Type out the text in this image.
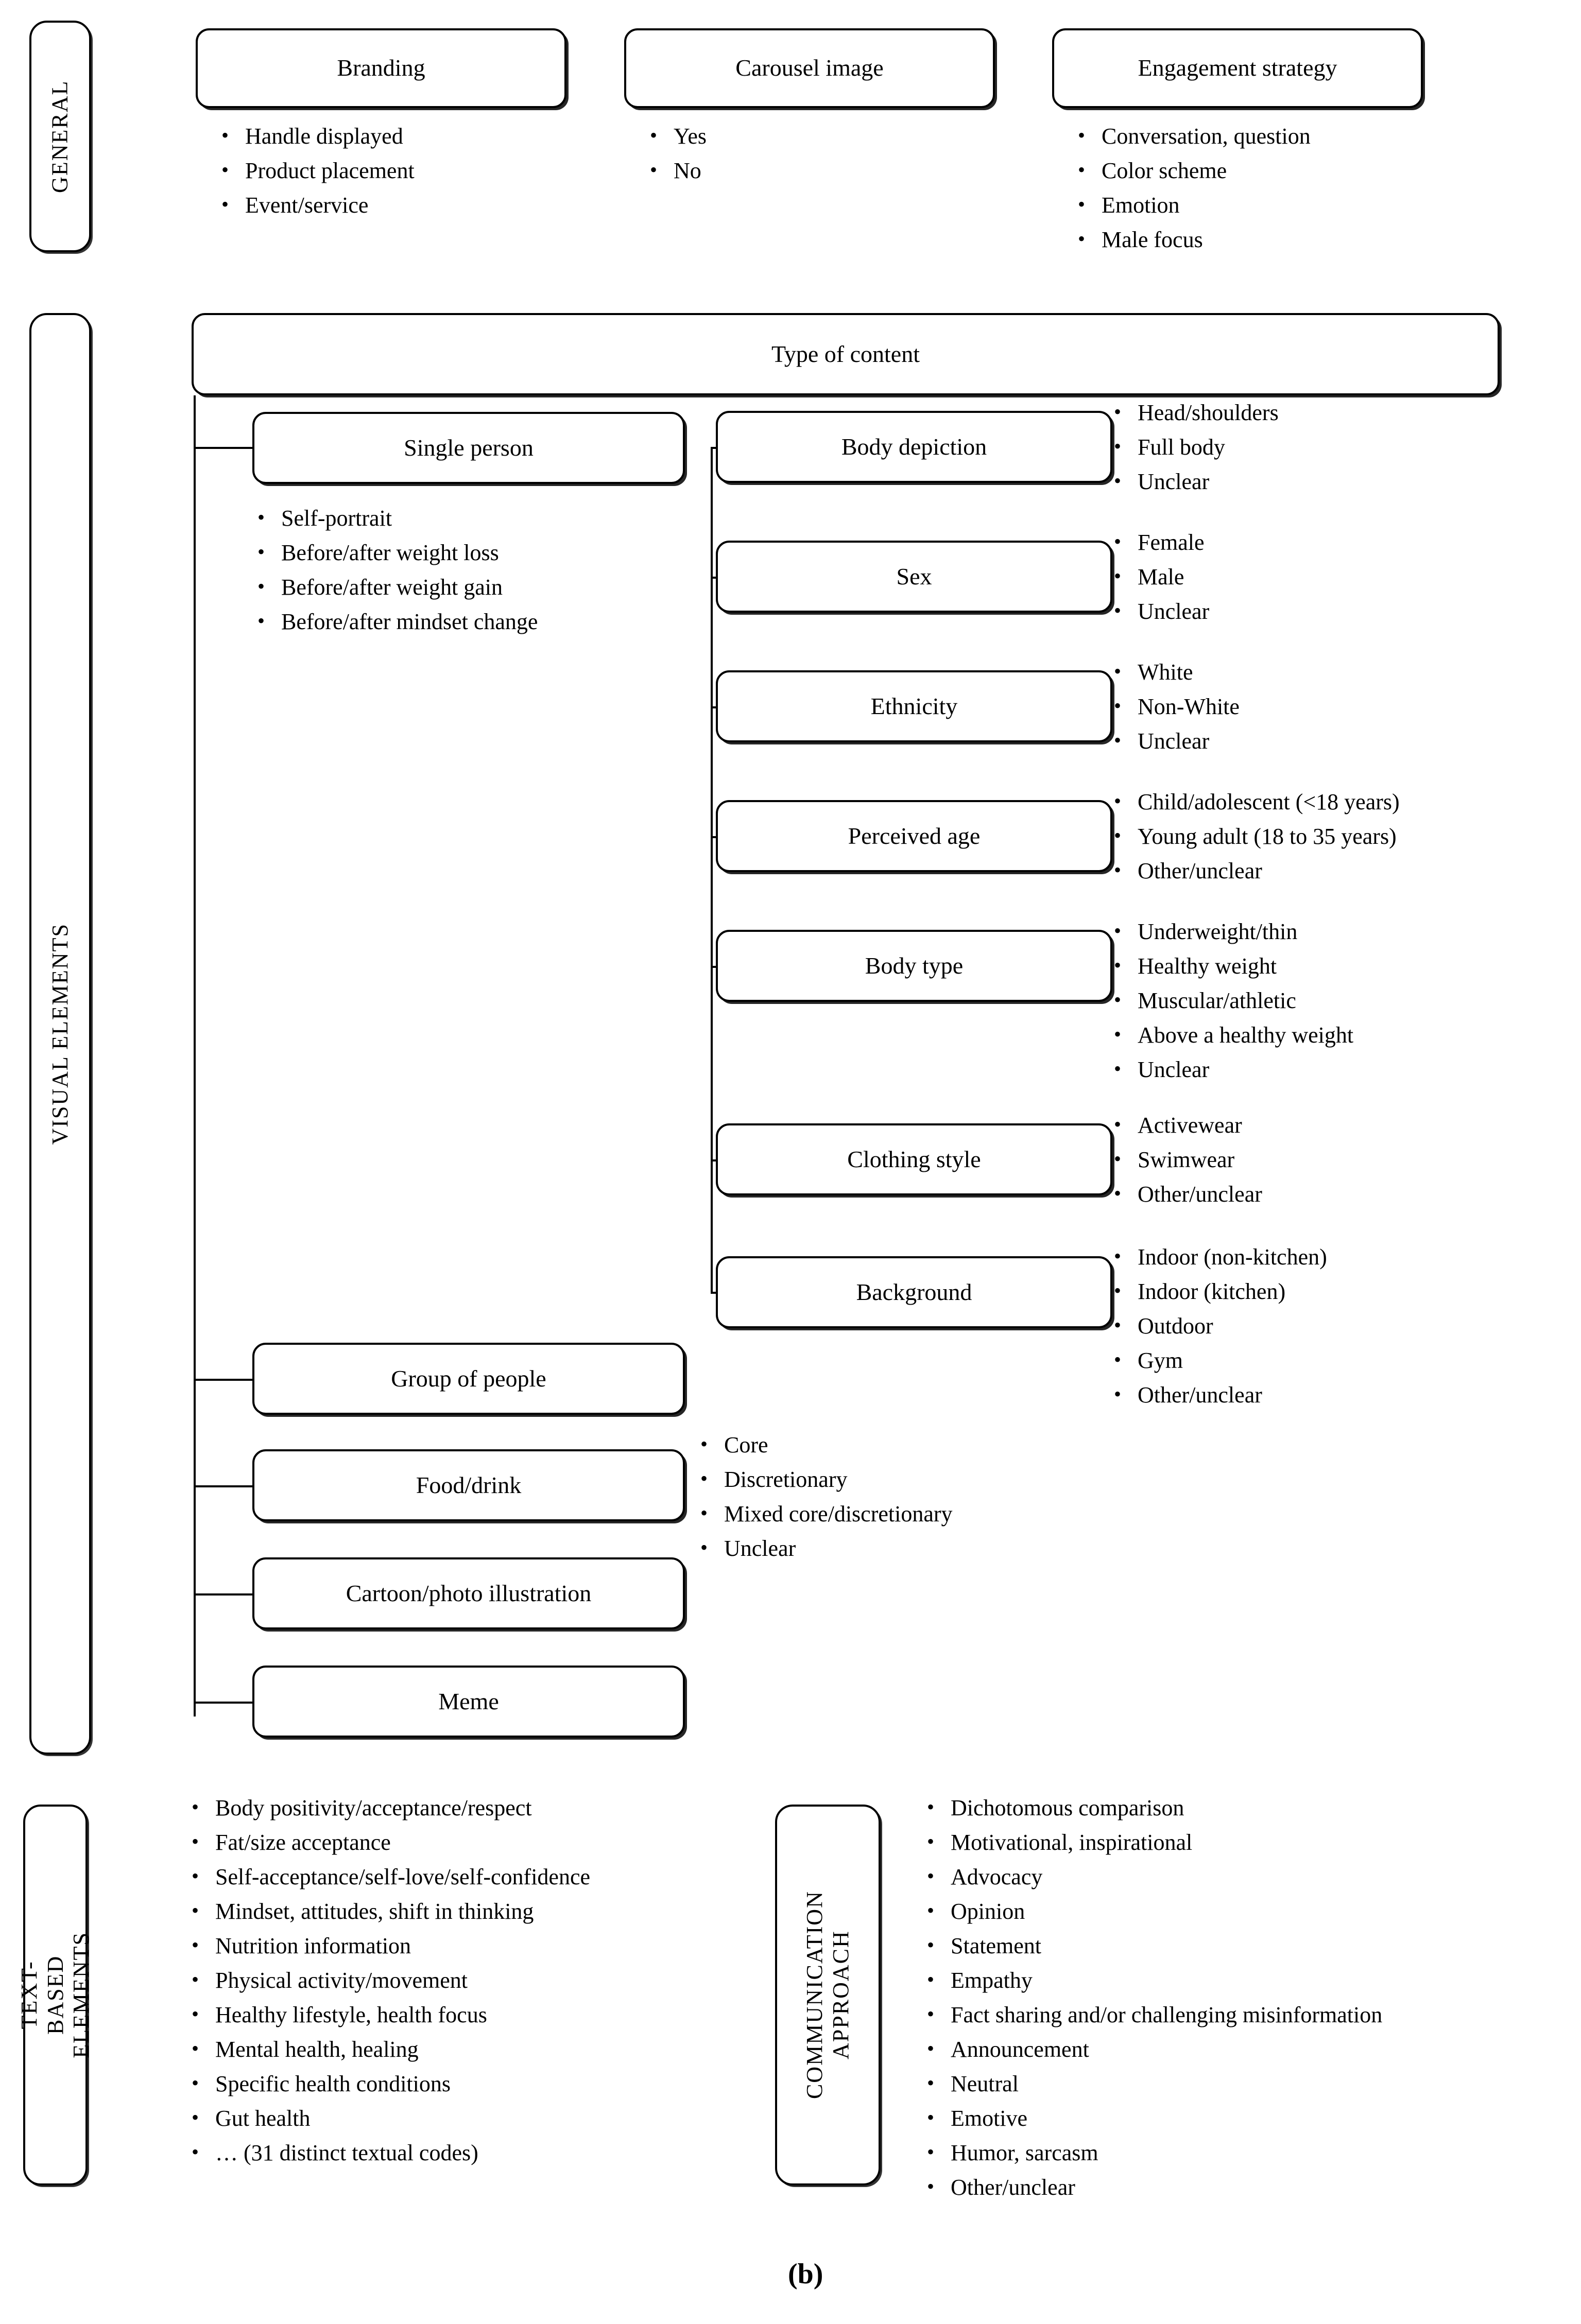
GENERAL
Branding
• Handle displayed
• Product placement
• Event/service
Carousel image
• Yes
• No
Engagement strategy
• Conversation, question
• Color scheme
• Emotion
• Male focus
VISUAL ELEMENTS
Type of content
Single person
• Self-portrait
• Before/after weight loss
• Before/after weight gain
• Before/after mindset change
Body depiction
• Head/shoulders
• Full body
• Unclear
Sex
• Female
• Male
• Unclear
Ethnicity
• White
• Non-White
• Unclear
Perceived age
• Child/adolescent (<18 years)
• Young adult (18 to 35 years)
• Other/unclear
Body type
• Underweight/thin
• Healthy weight
• Muscular/athletic
• Above a healthy weight
• Unclear
Clothing style
• Activewear
• Swimwear
• Other/unclear
Background
• Indoor (non-kitchen)
• Indoor (kitchen)
• Outdoor
• Gym
• Other/unclear
Group of people
Food/drink
• Core
• Discretionary
• Mixed core/discretionary
• Unclear
Cartoon/photo illustration
Meme
TEXT-BASED ELEMENTS
• Body positivity/acceptance/respect
• Fat/size acceptance
• Self-acceptance/self-love/self-confidence
• Mindset, attitudes, shift in thinking
• Nutrition information
• Physical activity/movement
• Healthy lifestyle, health focus
• Mental health, healing
• Specific health conditions
• Gut health
• … (31 distinct textual codes)
COMMUNICATION APPROACH
• Dichotomous comparison
• Motivational, inspirational
• Advocacy
• Opinion
• Statement
• Empathy
• Fact sharing and/or challenging misinformation
• Announcement
• Neutral
• Emotive
• Humor, sarcasm
• Other/unclear
(b)
